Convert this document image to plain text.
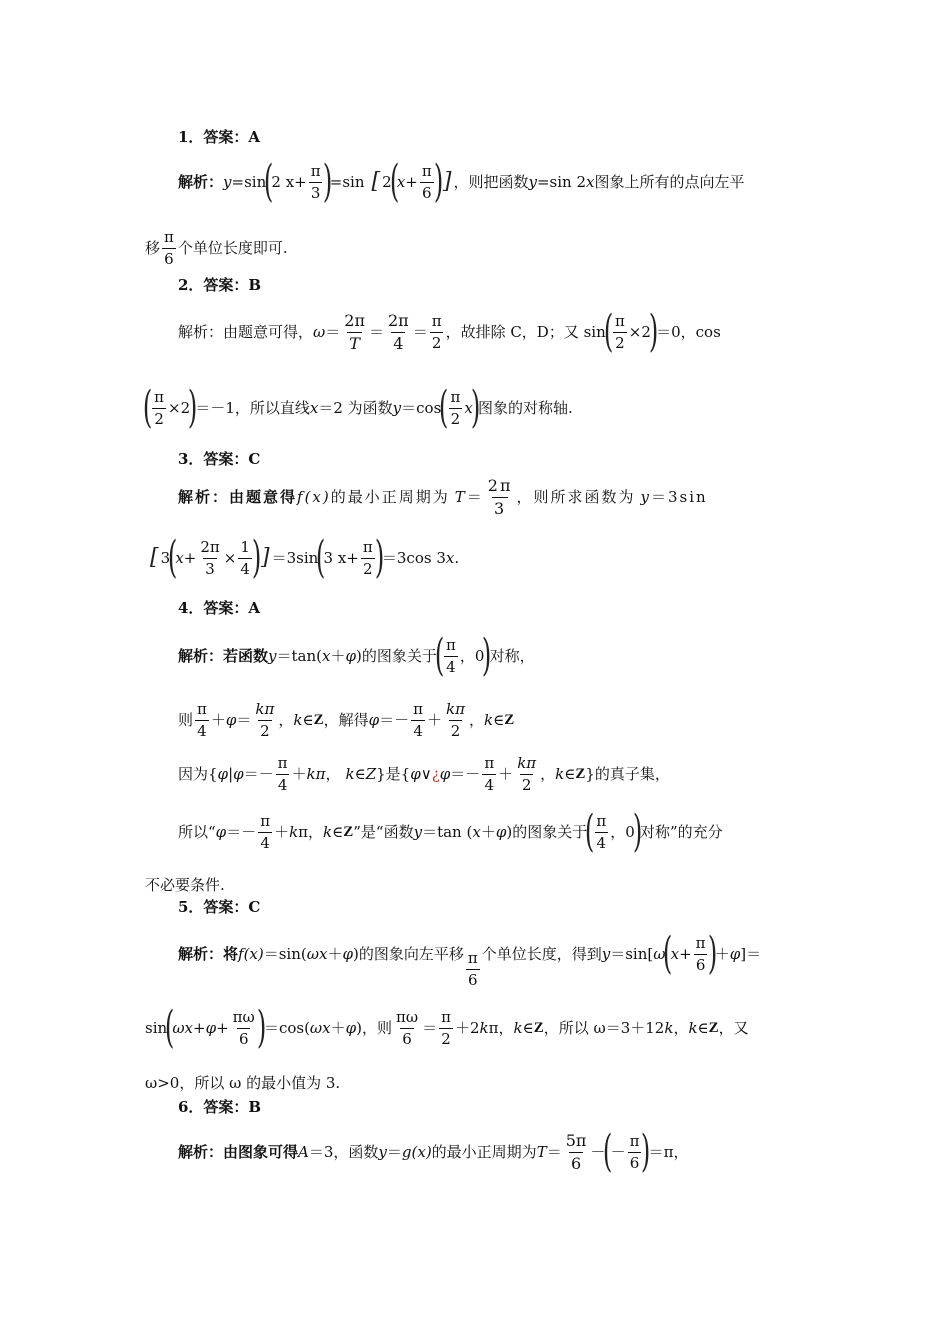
1．答案：A
解析： y =sin
(
2 $x+ \frac{\pi}{3}$ )
=sin [ 2
(
$x+ \frac{\pi}{6}$ ) ] ，则把函数 y =sin 2 x 图象上所有的点向左平
移 $\frac{\pi}{6}$ 个单位长度即可.
2．答案：B
解析：由题意可得， $\omega = \frac{2\pi}{T} = \frac{2\pi}{4} = \frac{\pi}{2}$ ，故排除 C，D；又 sin
( $\frac{\pi}{2} \times 2$
)
＝0，cos
( $\frac{\pi}{2} \times 2$
)
＝－1，所以直线 x ＝2 为函数 y ＝cos
( $\frac{\pi}{2}$ x
)
图象的对称轴.
3．答案：C
解析：由题意得 f(x) 的最小正周期为 $T = \frac{2\pi}{3}$ ，则所求函数为 y ＝3sin
[ 3
(
$x+ \frac{2\pi}{3} \times \frac{1}{4}$ ) ] ＝3sin
(
3 $x+ \frac{\pi}{2}$ )
＝3cos 3 x .
4．答案：A
解析：若函数 y ＝tan( x ＋ φ )的图象关于
( $\frac{\pi}{4}$ ，0
)
对称，
则 $\frac{\pi}{4} + \varphi = \frac{k\pi}{2}$ ， k ∈ Z ，解得 $\varphi =- \frac{\pi}{4} + \frac{k\pi}{2}$ ， k ∈ Z
因为{ φ | $\varphi =- \frac{\pi}{4} + k\pi$ ， k ∈ Z }是{ φ ∨ ¿ $\varphi =- \frac{\pi}{4} + \frac{k\pi}{2}$ ， k ∈ Z }的真子集，
所以“ $\varphi =- \frac{\pi}{4} + k$ π， k ∈ Z ”是“函数 y ＝tan ( x ＋ φ )的图象关于
( $\frac{\pi}{4}$ ，0
)
对称”的充分
不必要条件.
5．答案：C
解析：将 f(x) ＝sin( ωx ＋ φ )的图象向左平移 $\frac{\pi}{6}$ 个单位长度，得到 y ＝sin[ ω
(
$x+ \frac{\pi}{6}$ )
＋ φ ]＝
sin
(
$\omega x+\varphi+ \frac{\pi\omega}{6}$ )
＝cos( ωx ＋ φ )，则 $\frac{\pi\omega}{6} = \frac{\pi}{2} +2$ k π， k ∈ Z ，所以 ω＝3＋12 k ， k ∈ Z ，又
ω>0，所以 ω 的最小值为 3.
6．答案：B
解析：由图象可得 A ＝3，函数 y ＝ g(x) 的最小正周期为 $T = \frac{5\pi}{6}$ －
(
－ $\frac{\pi}{6}$ )
＝π，
